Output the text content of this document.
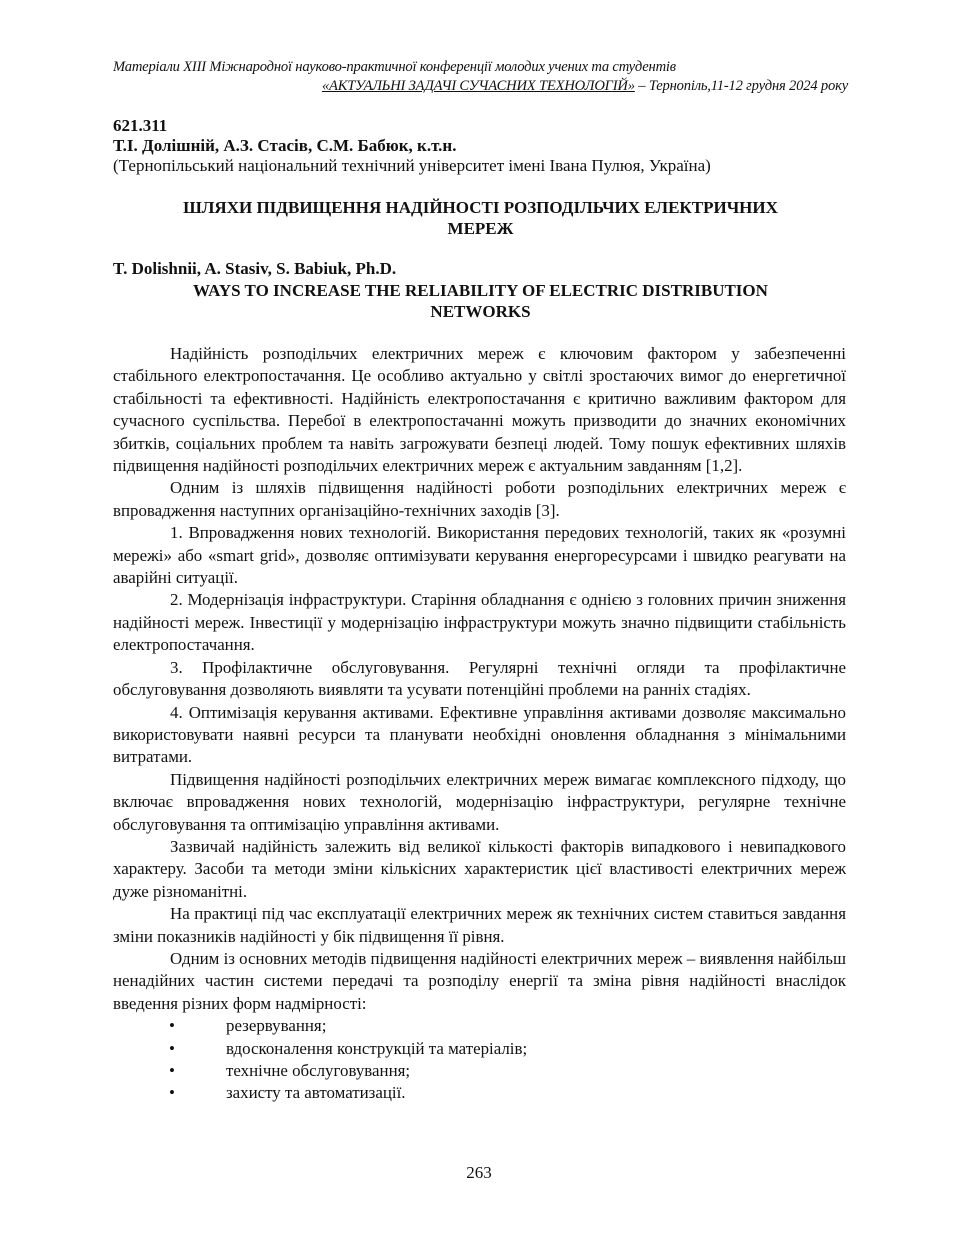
Матеріали XIII Міжнародної науково-практичної конференції молодих учених та студентів
«АКТУАЛЬНІ ЗАДАЧІ СУЧАСНИХ ТЕХНОЛОГІЙ» – Тернопіль,11-12 грудня 2024 року
621.311
Т.І. Долішній, А.З. Стасів, С.М. Бабюк, к.т.н.
(Тернопільський національний технічний університет імені Івана Пулюя, Україна)
ШЛЯХИ ПІДВИЩЕННЯ НАДІЙНОСТІ РОЗПОДІЛЬЧИХ ЕЛЕКТРИЧНИХ
МЕРЕЖ
T. Dolishnii, A. Stasiv, S. Babiuk, Ph.D.
WAYS TO INCREASE THE RELIABILITY OF ELECTRIC DISTRIBUTION
NETWORKS

Надійність розподільчих електричних мереж є ключовим фактором у забезпеченні стабільного електропостачання. Це особливо актуально у світлі зростаючих вимог до енергетичної стабільності та ефективності. Надійність електропостачання є критично важливим фактором для сучасного суспільства. Перебої в електропостачанні можуть призводити до значних економічних збитків, соціальних проблем та навіть загрожувати безпеці людей. Тому пошук ефективних шляхів підвищення надійності розподільчих електричних мереж є актуальним завданням [1,2].

Одним із шляхів підвищення надійності роботи розподільних електричних мереж є впровадження наступних організаційно-технічних заходів [3].

1. Впровадження нових технологій. Використання передових технологій, таких як «розумні мережі» або «smart grid», дозволяє оптимізувати керування енергоресурсами і швидко реагувати на аварійні ситуації.

2. Модернізація інфраструктури. Старіння обладнання є однією з головних причин зниження надійності мереж. Інвестиції у модернізацію інфраструктури можуть значно підвищити стабільність електропостачання.

3. Профілактичне обслуговування. Регулярні технічні огляди та профілактичне обслуговування дозволяють виявляти та усувати потенційні проблеми на ранніх стадіях.

4. Оптимізація керування активами. Ефективне управління активами дозволяє максимально використовувати наявні ресурси та планувати необхідні оновлення обладнання з мінімальними витратами.

Підвищення надійності розподільчих електричних мереж вимагає комплексного підходу, що включає впровадження нових технологій, модернізацію інфраструктури, регулярне технічне обслуговування та оптимізацію управління активами.

Зазвичай надійність залежить від великої кількості факторів випадкового і невипадкового характеру. Засоби та методи зміни кількісних характеристик цієї властивості електричних мереж дуже різноманітні.

На практиці під час експлуатації електричних мереж як технічних систем ставиться завдання зміни показників надійності у бік підвищення її рівня.

Одним із основних методів підвищення надійності електричних мереж – виявлення найбільш ненадійних частин системи передачі та розподілу енергії та зміна рівня надійності внаслідок введення різних форм надмірності:

•	резервування;
•	вдосконалення конструкцій та матеріалів;
•	технічне обслуговування;
•	захисту та автоматизації.
263
